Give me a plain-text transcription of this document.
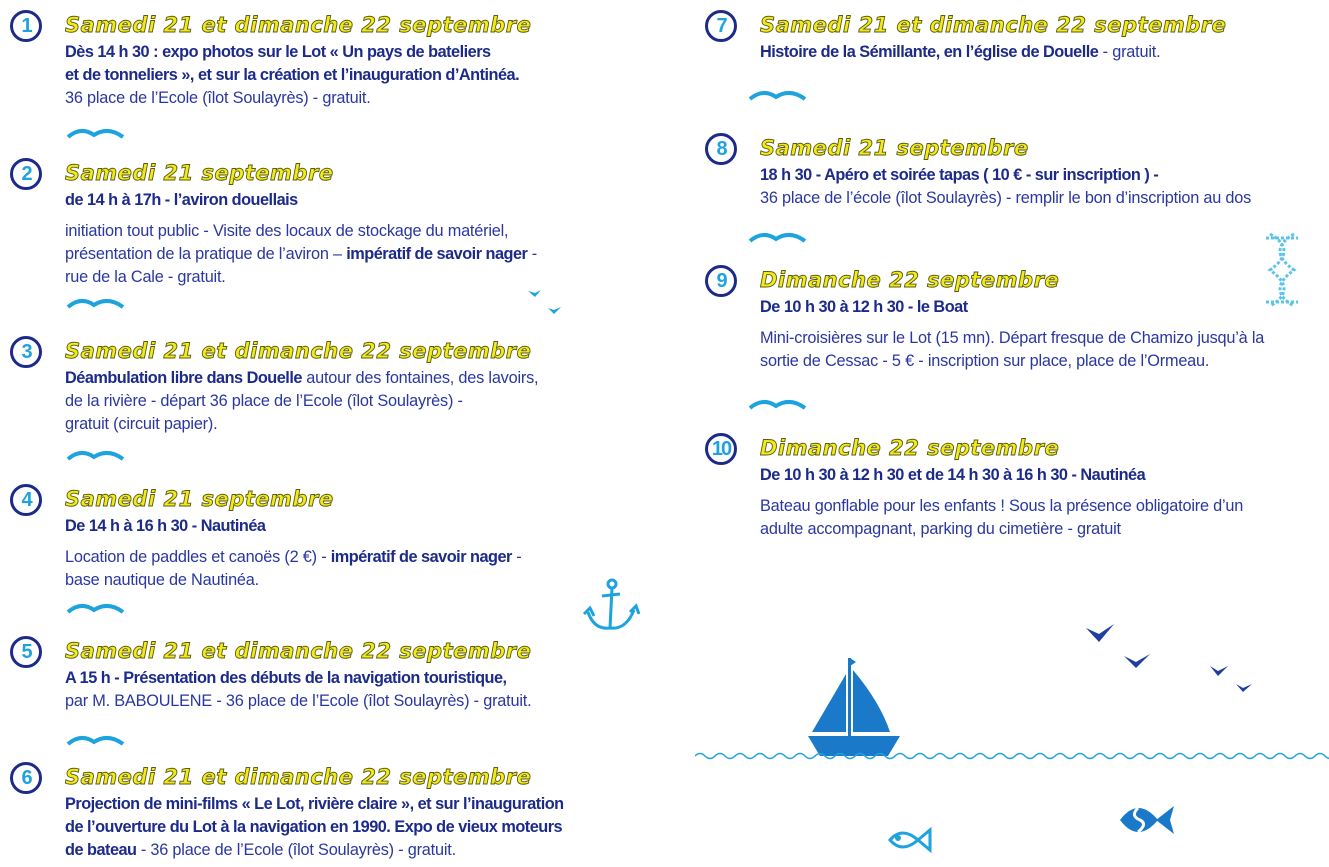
1	Samedi 21 et dimanche 22 septembre
Dès 14 h 30 : expo photos sur le Lot « Un pays de bateliers
et de tonneliers », et sur la création et l’inauguration d’Antinéa.
36 place de l’Ecole (îlot Soulayrès) - gratuit.
2	Samedi 21 septembre
de 14 h à 17h - l’aviron douellais
initiation tout public - Visite des locaux de stockage du matériel,
présentation de la pratique de l’aviron – impératif de savoir nager -
rue de la Cale - gratuit.
3	Samedi 21 et dimanche 22 septembre
Déambulation libre dans Douelle autour des fontaines, des lavoirs,
de la rivière - départ 36 place de l’Ecole (îlot Soulayrès) -
gratuit (circuit papier).
4	Samedi 21 septembre
De 14 h à 16 h 30 - Nautinéa
Location de paddles et canoës (2 €) - impératif de savoir nager -
base nautique de Nautinéa.
5	Samedi 21 et dimanche 22 septembre
A 15 h - Présentation des débuts de la navigation touristique,
par M. BABOULENE - 36 place de l’Ecole (îlot Soulayrès) - gratuit.
6	Samedi 21 et dimanche 22 septembre
Projection de mini-films « Le Lot, rivière claire », et sur l’inauguration
de l’ouverture du Lot à la navigation en 1990. Expo de vieux moteurs
de bateau - 36 place de l’Ecole (îlot Soulayrès) - gratuit.
7	Samedi 21 et dimanche 22 septembre
Histoire de la Sémillante, en l’église de Douelle - gratuit.
8	Samedi 21 septembre
18 h 30 - Apéro et soirée tapas ( 10 € - sur inscription ) -
36 place de l’école (îlot Soulayrès) - remplir le bon d’inscription au dos
9	Dimanche 22 septembre
De 10 h 30 à 12 h 30 - le Boat
Mini-croisières sur le Lot (15 mn). Départ fresque de Chamizo jusqu’à la
sortie de Cessac - 5 € - inscription sur place, place de l’Ormeau.
10	Dimanche 22 septembre
De 10 h 30 à 12 h 30 et de 14 h 30 à 16 h 30 - Nautinéa
Bateau gonflable pour les enfants ! Sous la présence obligatoire d’un
adulte accompagnant, parking du cimetière - gratuit
